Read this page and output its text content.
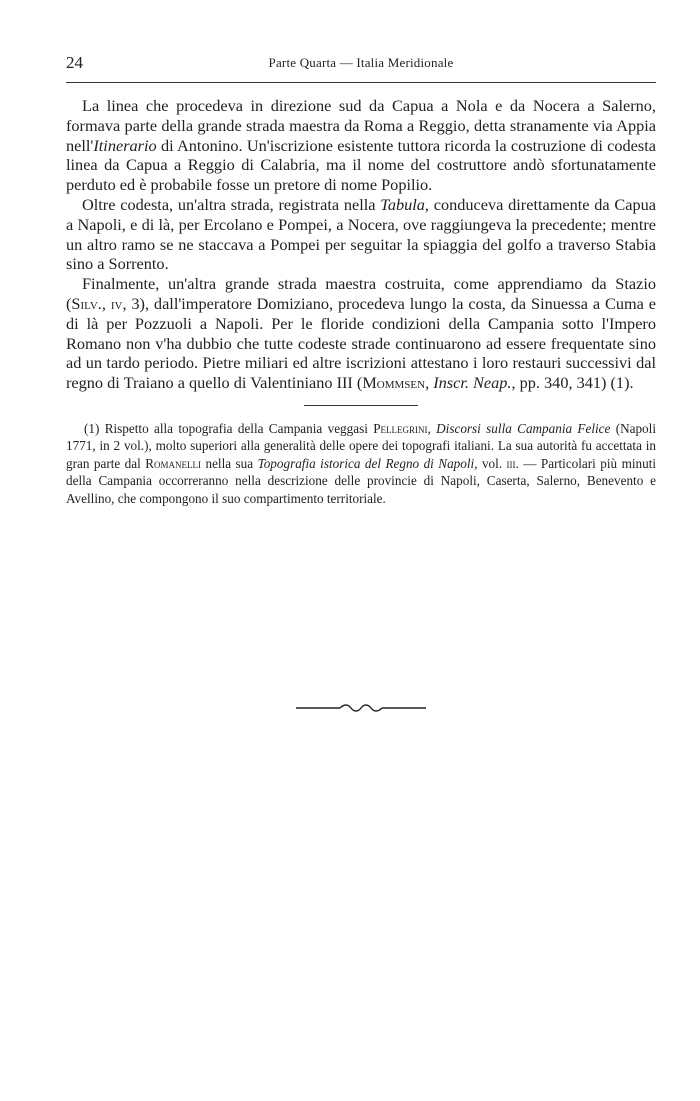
24	Parte Quarta — Italia Meridionale

La linea che procedeva in direzione sud da Capua a Nola e da Nocera a Salerno, formava parte della grande strada maestra da Roma a Reggio, detta stranamente via Appia nell'Itinerario di Antonino. Un'iscrizione esistente tuttora ricorda la costruzione di codesta linea da Capua a Reggio di Calabria, ma il nome del costruttore andò sfortunatamente perduto ed è probabile fosse un pretore di nome Popilio.

Oltre codesta, un'altra strada, registrata nella Tabula, conduceva direttamente da Capua a Napoli, e di là, per Ercolano e Pompei, a Nocera, ove raggiungeva la precedente; mentre un altro ramo se ne staccava a Pompei per seguitar la spiaggia del golfo a traverso Stabia sino a Sorrento.

Finalmente, un'altra grande strada maestra costruita, come apprendiamo da Stazio (Silv., iv, 3), dall'imperatore Domiziano, procedeva lungo la costa, da Sinuessa a Cuma e di là per Pozzuoli a Napoli. Per le floride condizioni della Campania sotto l'Impero Romano non v'ha dubbio che tutte codeste strade continuarono ad essere frequentate sino ad un tardo periodo. Pietre miliari ed altre iscrizioni attestano i loro restauri successivi dal regno di Traiano a quello di Valentiniano III (Mommsen, Inscr. Neap., pp. 340, 341) (1).

(1) Rispetto alla topografia della Campania veggasi Pellegrini, Discorsi sulla Campania Felice (Napoli 1771, in 2 vol.), molto superiori alla generalità delle opere dei topografi italiani. La sua autorità fu accettata in gran parte dal Romanelli nella sua Topografia istorica del Regno di Napoli, vol. iii. — Particolari più minuti della Campania occorreranno nella descrizione delle provincie di Napoli, Caserta, Salerno, Benevento e Avellino, che compongono il suo compartimento territoriale.
